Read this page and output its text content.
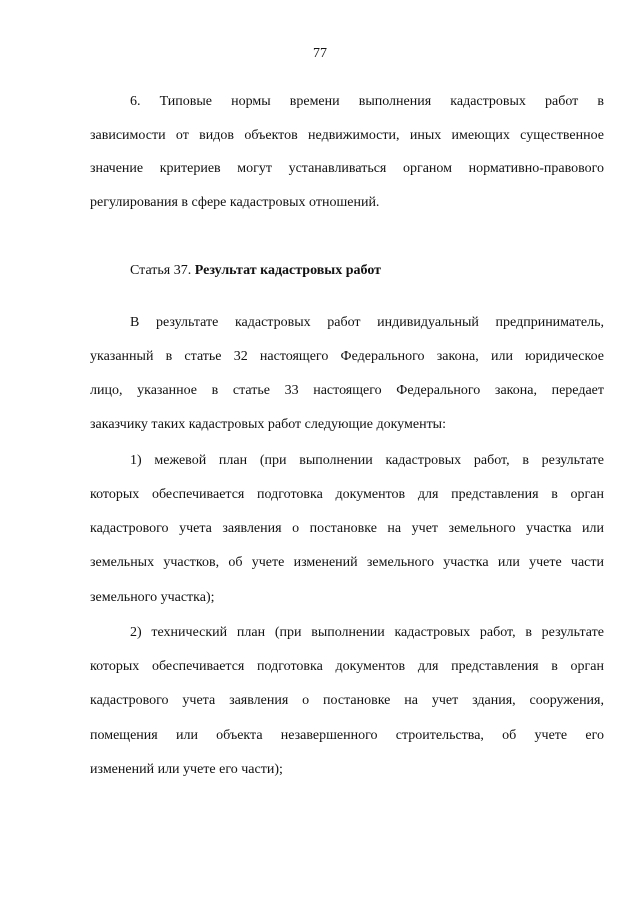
77
6. Типовые нормы времени выполнения кадастровых работ в
зависимости от видов объектов недвижимости, иных имеющих существенное
значение критериев могут устанавливаться органом нормативно-правового
регулирования в сфере кадастровых отношений.
Статья 37. Результат кадастровых работ
В результате кадастровых работ индивидуальный предприниматель,
указанный в статье 32 настоящего Федерального закона, или юридическое
лицо, указанное в статье 33 настоящего Федерального закона, передает
заказчику таких кадастровых работ следующие документы:
1) межевой план (при выполнении кадастровых работ, в результате
которых обеспечивается подготовка документов для представления в орган
кадастрового учета заявления о постановке на учет земельного участка или
земельных участков, об учете изменений земельного участка или учете части
земельного участка);
2) технический план (при выполнении кадастровых работ, в результате
которых обеспечивается подготовка документов для представления в орган
кадастрового учета заявления о постановке на учет здания, сооружения,
помещения или объекта незавершенного строительства, об учете его
изменений или учете его части);
